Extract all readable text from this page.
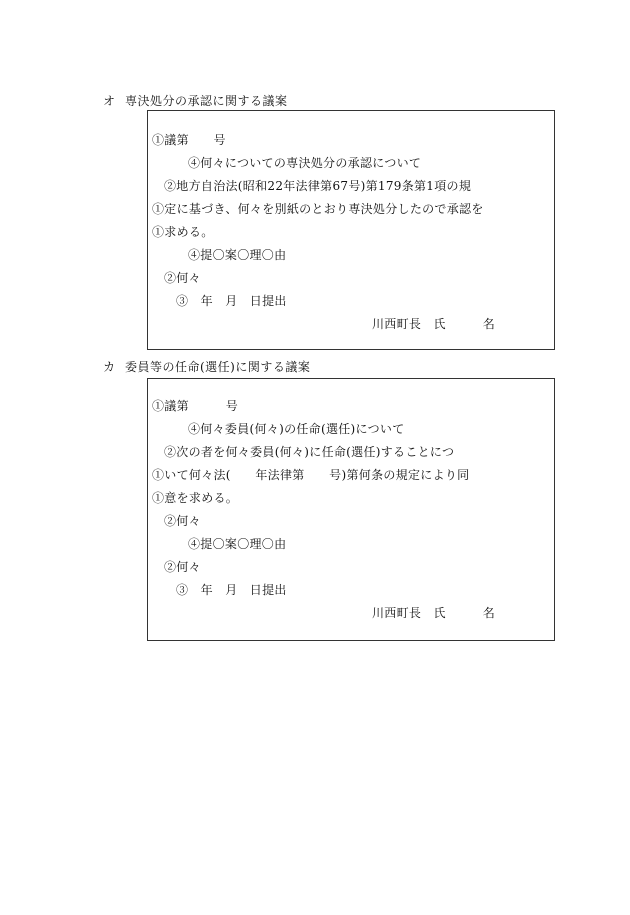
オ 専決処分の承認に関する議案
①議第　　号
④何々についての専決処分の承認について
②地方自治法(昭和22年法律第67号)第179条第1項の規
①定に基づき、何々を別紙のとおり専決処分したので承認を
①求める。
④提〇案〇理〇由
②何々
③　年　月　日提出
川西町長　氏　　　名
カ 委員等の任命(選任)に関する議案
①議第　　　号
④何々委員(何々)の任命(選任)について
②次の者を何々委員(何々)に任命(選任)することにつ
①いて何々法(　　年法律第　　号)第何条の規定により同
①意を求める。
②何々
④提〇案〇理〇由
②何々
③　年　月　日提出
川西町長　氏　　　名
